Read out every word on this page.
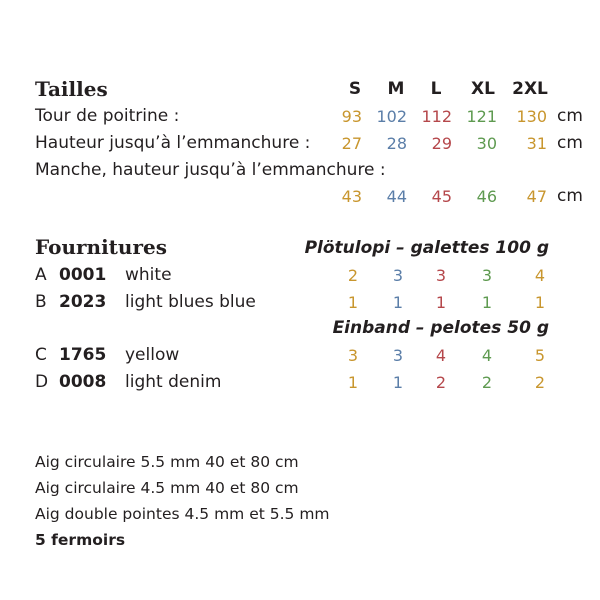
Tailles	S	M	L	XL 2XL
Tour de poitrine :	93 102 112 121	130 cm
Hauteur jusqu’à l’emmanchure :	27	28	29	30	31 cm
Manche, hauteur jusqu’à l’emmanchure :
43	44	45	46	47 cm
Fournitures	Plötulopi – galettes 100 g
A 0001 white	2	3	3	3	4
B 2023 light blues blue	1	1	1	1	1
Einband – pelotes 50 g
C 1765 yellow	3	3	4	4	5
D 0008 light denim	1	1	2	2	2
Aig circulaire 5.5 mm 40 et 80 cm
Aig circulaire 4.5 mm 40 et 80 cm
Aig double pointes 4.5 mm et 5.5 mm
5 fermoirs
